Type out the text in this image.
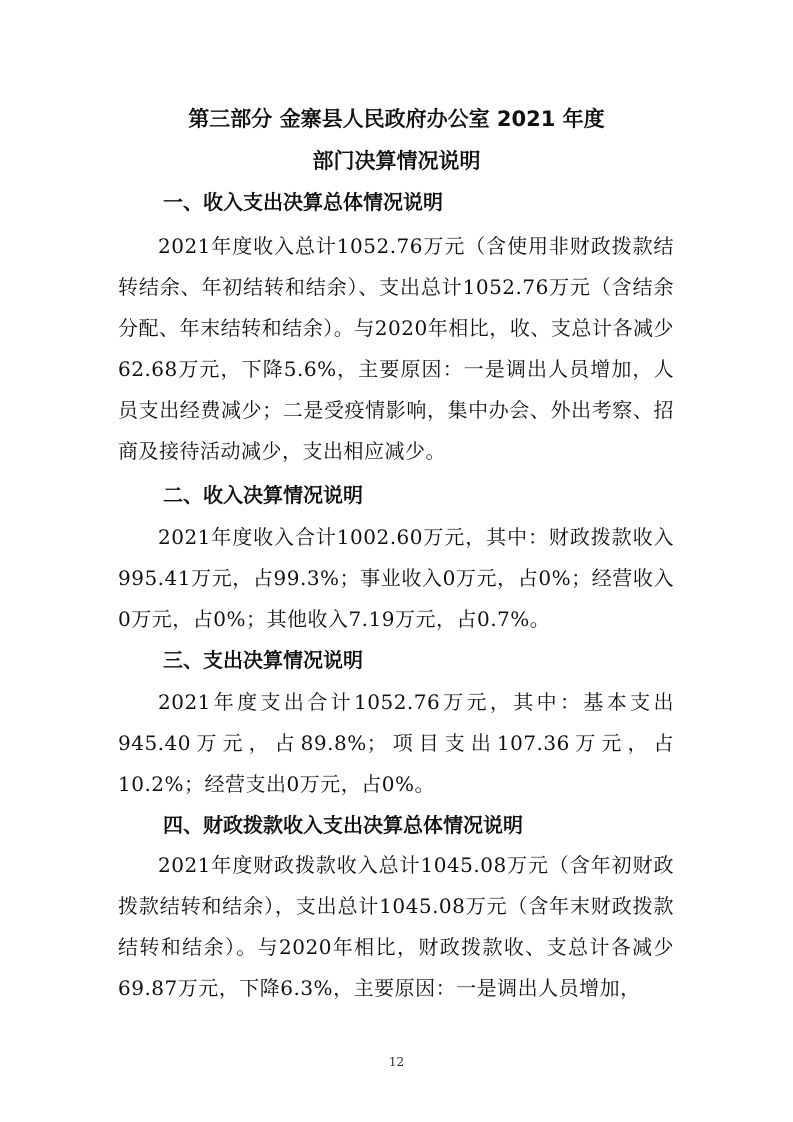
第三部分 金寨县人民政府办公室 2021 年度
部门决算情况说明
一、收入支出决算总体情况说明

2021年度收入总计1052.76万元（含使用非财政拨款结转结余、年初结转和结余）、支出总计1052.76万元（含结余分配、年末结转和结余）。与2020年相比，收、支总计各减少62.68万元，下降5.6%，主要原因：一是调出人员增加，人员支出经费减少；二是受疫情影响，集中办会、外出考察、招商及接待活动减少，支出相应减少。

二、收入决算情况说明

2021年度收入合计1002.60万元，其中：财政拨款收入995.41万元，占99.3%；事业收入0万元，占0%；经营收入0万元，占0%；其他收入7.19万元，占0.7%。

三、支出决算情况说明

2021年度支出合计1052.76万元，其中：基本支出945.40万元，占89.8%；项目支出107.36万元，占10.2%；经营支出0万元，占0%。

四、财政拨款收入支出决算总体情况说明

2021年度财政拨款收入总计1045.08万元（含年初财政拨款结转和结余），支出总计1045.08万元（含年末财政拨款结转和结余）。与2020年相比，财政拨款收、支总计各减少69.87万元，下降6.3%，主要原因：一是调出人员增加，

12
